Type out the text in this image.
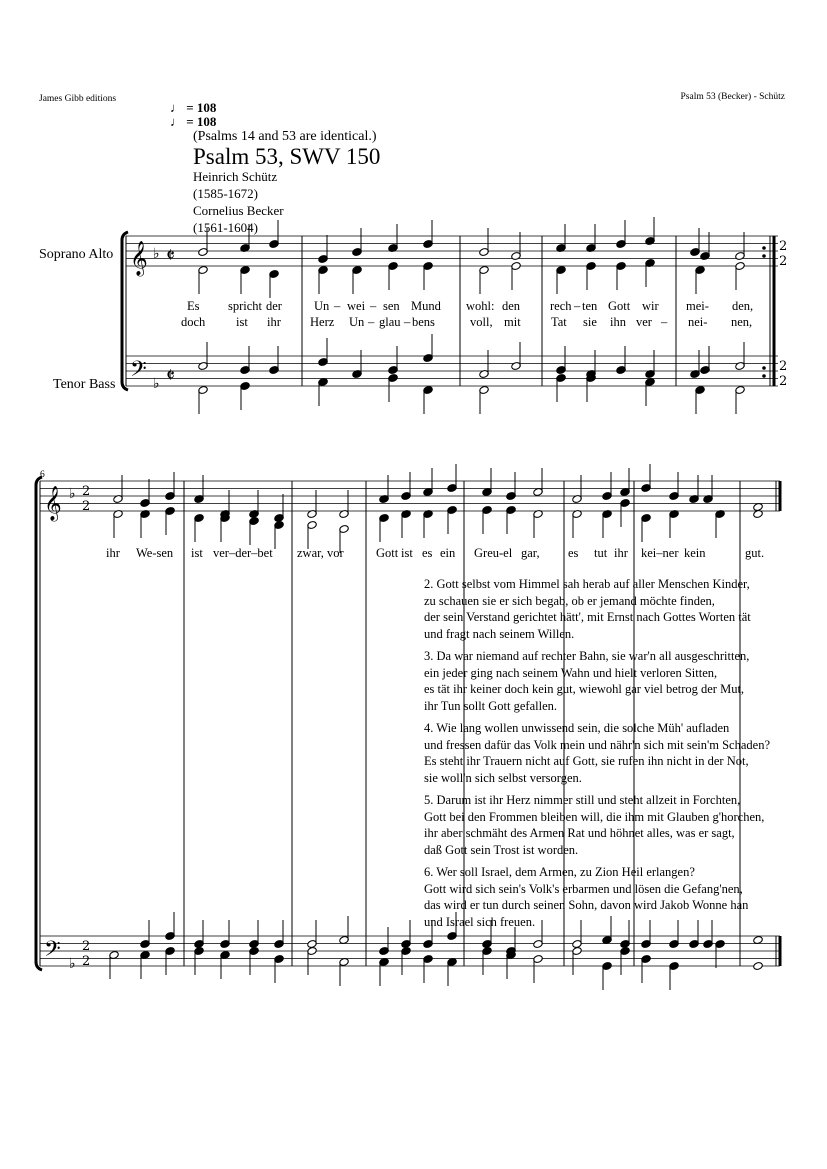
James Gibb editions	Psalm 53 (Becker) - Schütz
♩ = 108
♩ = 108
(Psalms 14 and 53 are identical.)
Psalm 53, SWV 150
Heinrich Schütz
(1585-1672)
Cornelius Becker
(1561-1604)
Soprano Alto
Tenor Bass
6
𝄞
𝄢
♭
♭
𝄵
𝄵
2
2
2
2
𝄞
𝄢
♭
♭
2
2
2
2
Es spricht der	Un – wei – sen Mund wohl: den rech – ten Gott wir mei- den,
doch ist ihr Herz Un – glau – bens	voll, mit Tat sie ihn ver – nei- nen,
ihr We-sen ist ver–der–bet zwar, vor	Gott ist es ein Greu-el gar, es tut ihr kei–ner kein	gut.
2. Gott selbst vom Himmel sah herab auf aller Menschen Kinder,
zu schauen sie er sich begab, ob er jemand möchte finden,
der sein Verstand gerichtet hätt', mit Ernst nach Gottes Worten tät
und fragt nach seinem Willen.
3. Da war niemand auf rechter Bahn, sie war'n all ausgeschritten,
ein jeder ging nach seinem Wahn und hielt verloren Sitten,
es tät ihr keiner doch kein gut, wiewohl gar viel betrog der Mut,
ihr Tun sollt Gott gefallen.
4. Wie lang wollen unwissend sein, die solche Müh' aufladen
und fressen dafür das Volk mein und nähr'n sich mit sein'm Schaden?
Es steht ihr Trauern nicht auf Gott, sie rufen ihn nicht in der Not,
sie woll'n sich selbst versorgen.
5. Darum ist ihr Herz nimmer still und steht allzeit in Forchten,
Gott bei den Frommen bleiben will, die ihm mit Glauben g'horchen,
ihr aber schmäht des Armen Rat und höhnet alles, was er sagt,
daß Gott sein Trost ist worden.
6. Wer soll Israel, dem Armen, zu Zion Heil erlangen?
Gott wird sich sein's Volk's erbarmen und lösen die Gefang'nen,
das wird er tun durch seinen Sohn, davon wird Jakob Wonne han
und Israel sich freuen.
